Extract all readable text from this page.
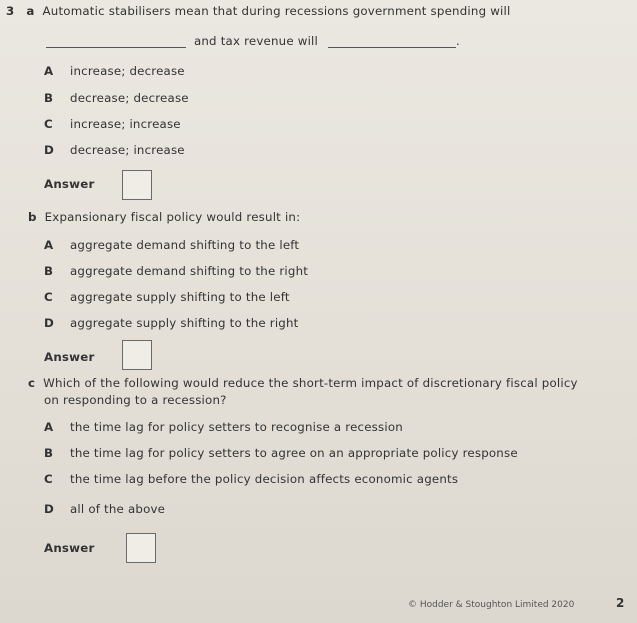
3 a Automatic stabilisers mean that during recessions government spending will
and tax revenue will	.
A increase; decrease
B decrease; decrease
C increase; increase
D decrease; increase
Answer
b Expansionary fiscal policy would result in:
A aggregate demand shifting to the left
B aggregate demand shifting to the right
C aggregate supply shifting to the left
D aggregate supply shifting to the right
Answer
c Which of the following would reduce the short-term impact of discretionary fiscal policy
on responding to a recession?
A the time lag for policy setters to recognise a recession
B the time lag for policy setters to agree on an appropriate policy response
C the time lag before the policy decision affects economic agents
D all of the above
Answer
© Hodder & Stoughton Limited 2020	2
